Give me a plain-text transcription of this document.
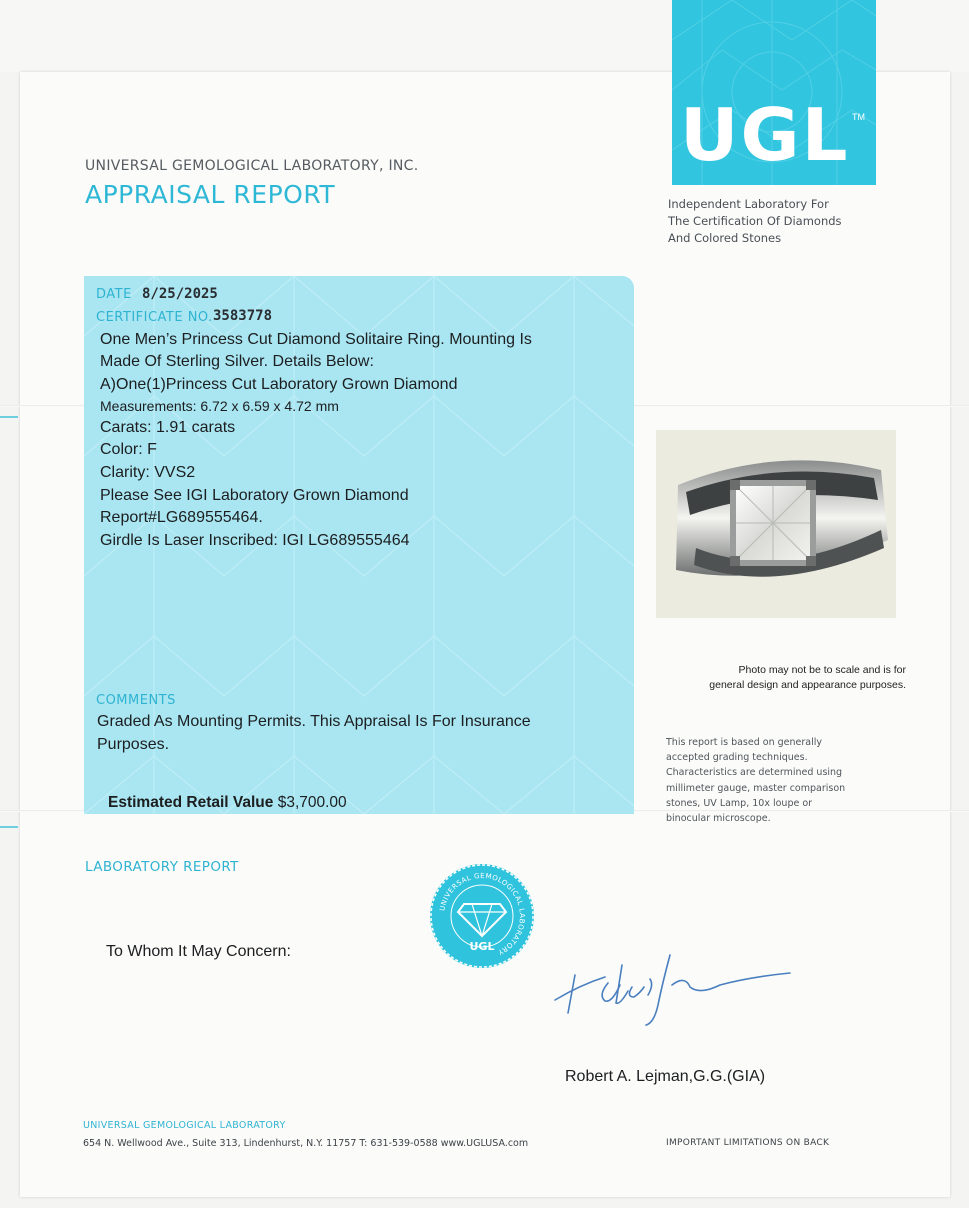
UGL TM
Independent Laboratory For
The Certification Of Diamonds
And Colored Stones
UNIVERSAL GEMOLOGICAL LABORATORY, INC.
APPRAISAL REPORT
DATE 8/25/2025
CERTIFICATE NO. 3583778
One Men’s Princess Cut Diamond Solitaire Ring. Mounting Is
Made Of Sterling Silver. Details Below:
A)One(1)Princess Cut Laboratory Grown Diamond
Measurements: 6.72 x 6.59 x 4.72 mm
Carats: 1.91 carats
Color: F
Clarity: VVS2
Please See IGI Laboratory Grown Diamond
Report#LG689555464.
Girdle Is Laser Inscribed: IGI LG689555464
COMMENTS
Graded As Mounting Permits. This Appraisal Is For Insurance
Purposes.
Estimated Retail Value $3,700.00
Photo may not be to scale and is for
general design and appearance purposes.
This report is based on generally
accepted grading techniques.
Characteristics are determined using
millimeter gauge, master comparison
stones, UV Lamp, 10x loupe or
binocular microscope.
LABORATORY REPORT
To Whom It May Concern:
UNIVERSAL GEMOLOGICAL LABORATORY
UGL
Robert A. Lejman,G.G.(GIA)
UNIVERSAL GEMOLOGICAL LABORATORY
654 N. Wellwood Ave., Suite 313, Lindenhurst, N.Y. 11757 T: 631-539-0588 www.UGLUSA.com	IMPORTANT LIMITATIONS ON BACK
